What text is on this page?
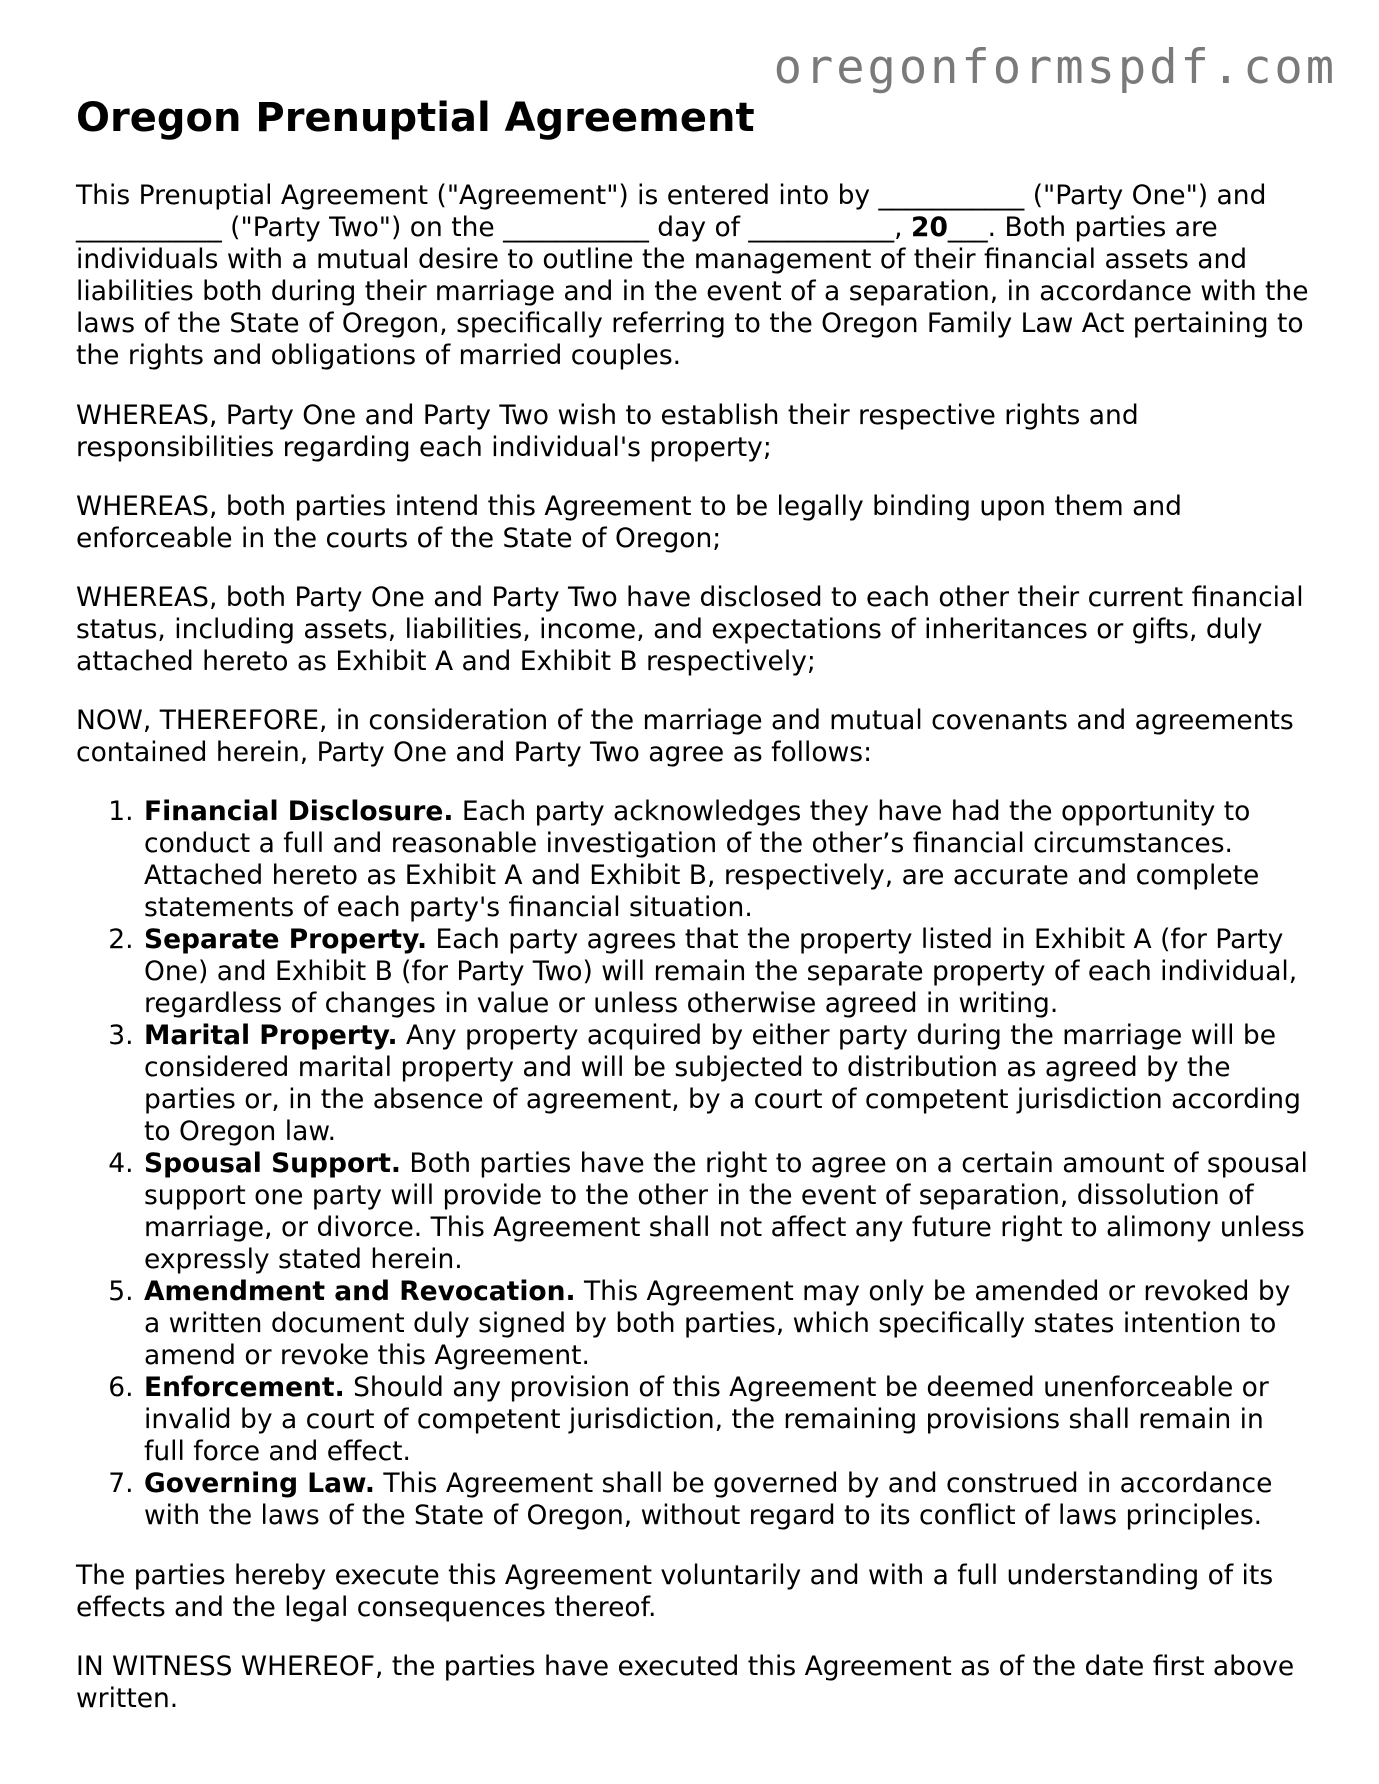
oregonformspdf.com
Oregon Prenuptial Agreement

This Prenuptial Agreement ("Agreement") is entered into by ___________ ("Party One") and ___________ ("Party Two") on the ___________ day of ___________, 20___. Both parties are individuals with a mutual desire to outline the management of their financial assets and liabilities both during their marriage and in the event of a separation, in accordance with the laws of the State of Oregon, specifically referring to the Oregon Family Law Act pertaining to the rights and obligations of married couples.

WHEREAS, Party One and Party Two wish to establish their respective rights and responsibilities regarding each individual's property;

WHEREAS, both parties intend this Agreement to be legally binding upon them and enforceable in the courts of the State of Oregon;

WHEREAS, both Party One and Party Two have disclosed to each other their current financial status, including assets, liabilities, income, and expectations of inheritances or gifts, duly attached hereto as Exhibit A and Exhibit B respectively;

NOW, THEREFORE, in consideration of the marriage and mutual covenants and agreements contained herein, Party One and Party Two agree as follows:

1. Financial Disclosure. Each party acknowledges they have had the opportunity to conduct a full and reasonable investigation of the other’s financial circumstances. Attached hereto as Exhibit A and Exhibit B, respectively, are accurate and complete statements of each party's financial situation.
2. Separate Property. Each party agrees that the property listed in Exhibit A (for Party One) and Exhibit B (for Party Two) will remain the separate property of each individual, regardless of changes in value or unless otherwise agreed in writing.
3. Marital Property. Any property acquired by either party during the marriage will be considered marital property and will be subjected to distribution as agreed by the parties or, in the absence of agreement, by a court of competent jurisdiction according to Oregon law.
4. Spousal Support. Both parties have the right to agree on a certain amount of spousal support one party will provide to the other in the event of separation, dissolution of marriage, or divorce. This Agreement shall not affect any future right to alimony unless expressly stated herein.
5. Amendment and Revocation. This Agreement may only be amended or revoked by a written document duly signed by both parties, which specifically states intention to amend or revoke this Agreement.
6. Enforcement. Should any provision of this Agreement be deemed unenforceable or invalid by a court of competent jurisdiction, the remaining provisions shall remain in full force and effect.
7. Governing Law. This Agreement shall be governed by and construed in accordance with the laws of the State of Oregon, without regard to its conflict of laws principles.

The parties hereby execute this Agreement voluntarily and with a full understanding of its effects and the legal consequences thereof.

IN WITNESS WHEREOF, the parties have executed this Agreement as of the date first above written.
